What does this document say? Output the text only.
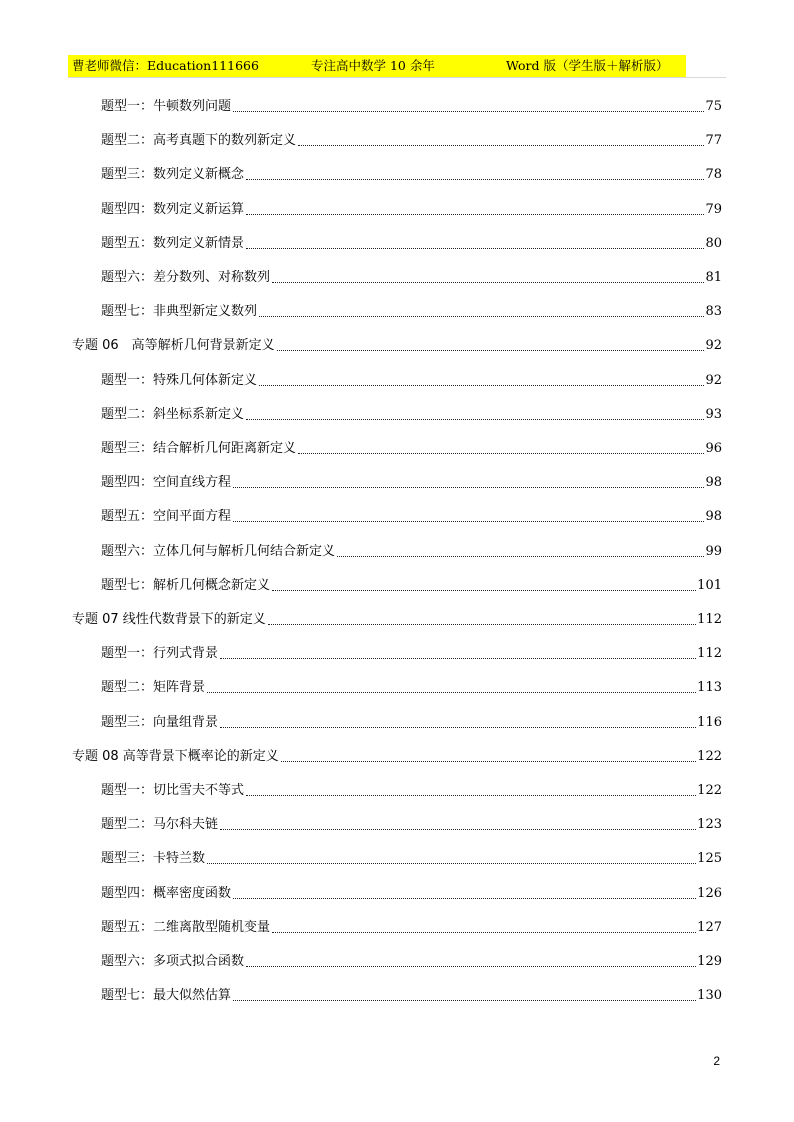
曹老师微信：Education111666	专注高中数学 10 余年	Word 版（学生版＋解析版）
题型一：牛顿数列问题	75
题型二：高考真题下的数列新定义	77
题型三：数列定义新概念	78
题型四：数列定义新运算	79
题型五：数列定义新情景	80
题型六：差分数列、对称数列	81
题型七：非典型新定义数列	83
专题 06　高等解析几何背景新定义	92
题型一：特殊几何体新定义	92
题型二：斜坐标系新定义	93
题型三：结合解析几何距离新定义	96
题型四：空间直线方程	98
题型五：空间平面方程	98
题型六：立体几何与解析几何结合新定义	99
题型七：解析几何概念新定义	101
专题 07 线性代数背景下的新定义	112
题型一：行列式背景	112
题型二：矩阵背景	113
题型三：向量组背景	116
专题 08 高等背景下概率论的新定义	122
题型一：切比雪夫不等式	122
题型二：马尔科夫链	123
题型三：卡特兰数	125
题型四：概率密度函数	126
题型五：二维离散型随机变量	127
题型六：多项式拟合函数	129
题型七：最大似然估算	130
2
